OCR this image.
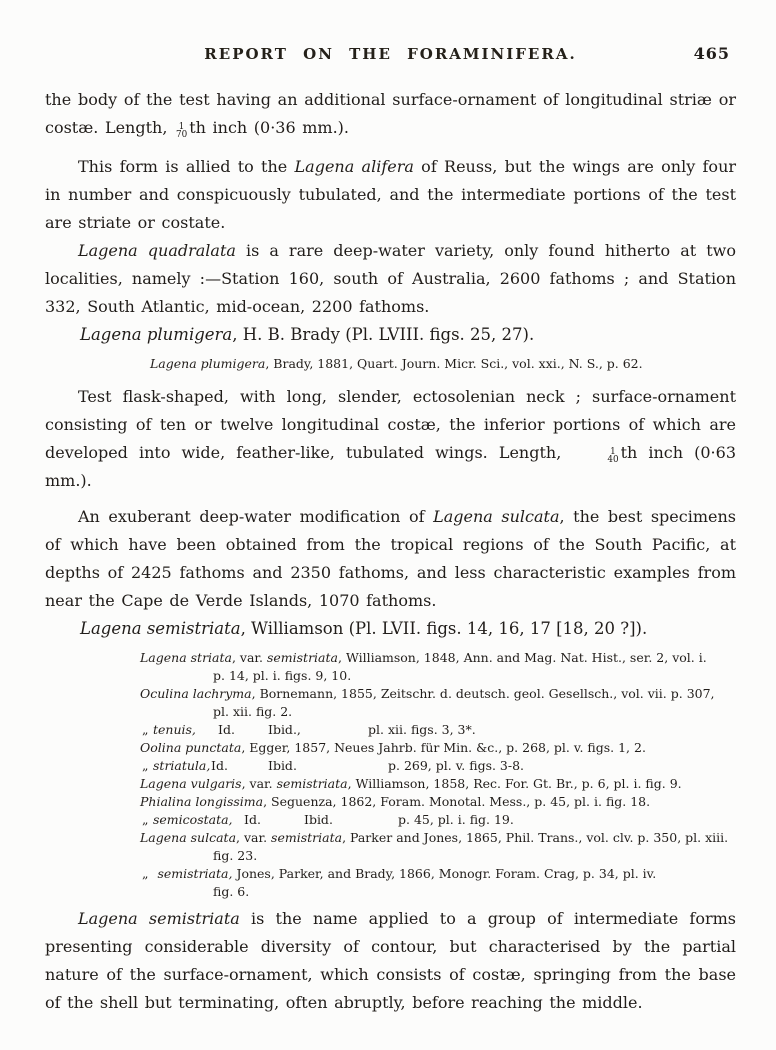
REPORT ON THE FORAMINIFERA.	465

the body of the test having an additional surface-ornament of longitudinal striæ or costæ. Length, 1
70 th inch (0·36 mm.).

This form is allied to the Lagena alifera of Reuss, but the wings are only four in number and conspicuously tubulated, and the intermediate portions of the test are striate or costate.

Lagena quadralata is a rare deep-water variety, only found hitherto at two localities, namely :—Station 160, south of Australia, 2600 fathoms ; and Station 332, South Atlantic, mid-ocean, 2200 fathoms.

Lagena plumigera, H. B. Brady (Pl. LVIII. figs. 25, 27).
Lagena plumigera, Brady, 1881, Quart. Journ. Micr. Sci., vol. xxi., N. S., p. 62.

Test flask-shaped, with long, slender, ectosolenian neck ; surface-ornament consisting of ten or twelve longitudinal costæ, the inferior portions of which are developed into wide, feather-like, tubulated wings. Length,	1
40 th inch (0·63 mm.).

An exuberant deep-water modification of Lagena sulcata, the best specimens of which have been obtained from the tropical regions of the South Pacific, at depths of 2425 fathoms and 2350 fathoms, and less characteristic examples from near the Cape de Verde Islands, 1070 fathoms.

Lagena semistriata, Williamson (Pl. LVII. figs. 14, 16, 17 [18, 20 ?]).
Lagena striata, var. semistriata, Williamson, 1848, Ann. and Mag. Nat. Hist., ser. 2, vol. i.
p. 14, pl. i. figs. 9, 10.
Oculina lachryma, Bornemann, 1855, Zeitschr. d. deutsch. geol. Gesellsch., vol. vii. p. 307,
pl. xii. fig. 2.
„ tenuis, Id.	Ibid.,	pl. xii. figs. 3, 3*.
Oolina punctata, Egger, 1857, Neues Jahrb. für Min. &c., p. 268, pl. v. figs. 1, 2.
„ striatula, Id.	Ibid.	p. 269, pl. v. figs. 3-8.
Lagena vulgaris, var. semistriata, Williamson, 1858, Rec. For. Gt. Br., p. 6, pl. i. fig. 9.
Phialina longissima, Seguenza, 1862, Foram. Monotal. Mess., p. 45, pl. i. fig. 18.
„ semicostata, Id.	Ibid.	p. 45, pl. i. fig. 19.
Lagena sulcata, var. semistriata, Parker and Jones, 1865, Phil. Trans., vol. clv. p. 350, pl. xiii.
fig. 23.
„ semistriata, Jones, Parker, and Brady, 1866, Monogr. Foram. Crag, p. 34, pl. iv.
fig. 6.

Lagena semistriata is the name applied to a group of intermediate forms presenting considerable diversity of contour, but characterised by the partial nature of the surface-ornament, which consists of costæ, springing from the base of the shell but terminating, often abruptly, before reaching the middle.
